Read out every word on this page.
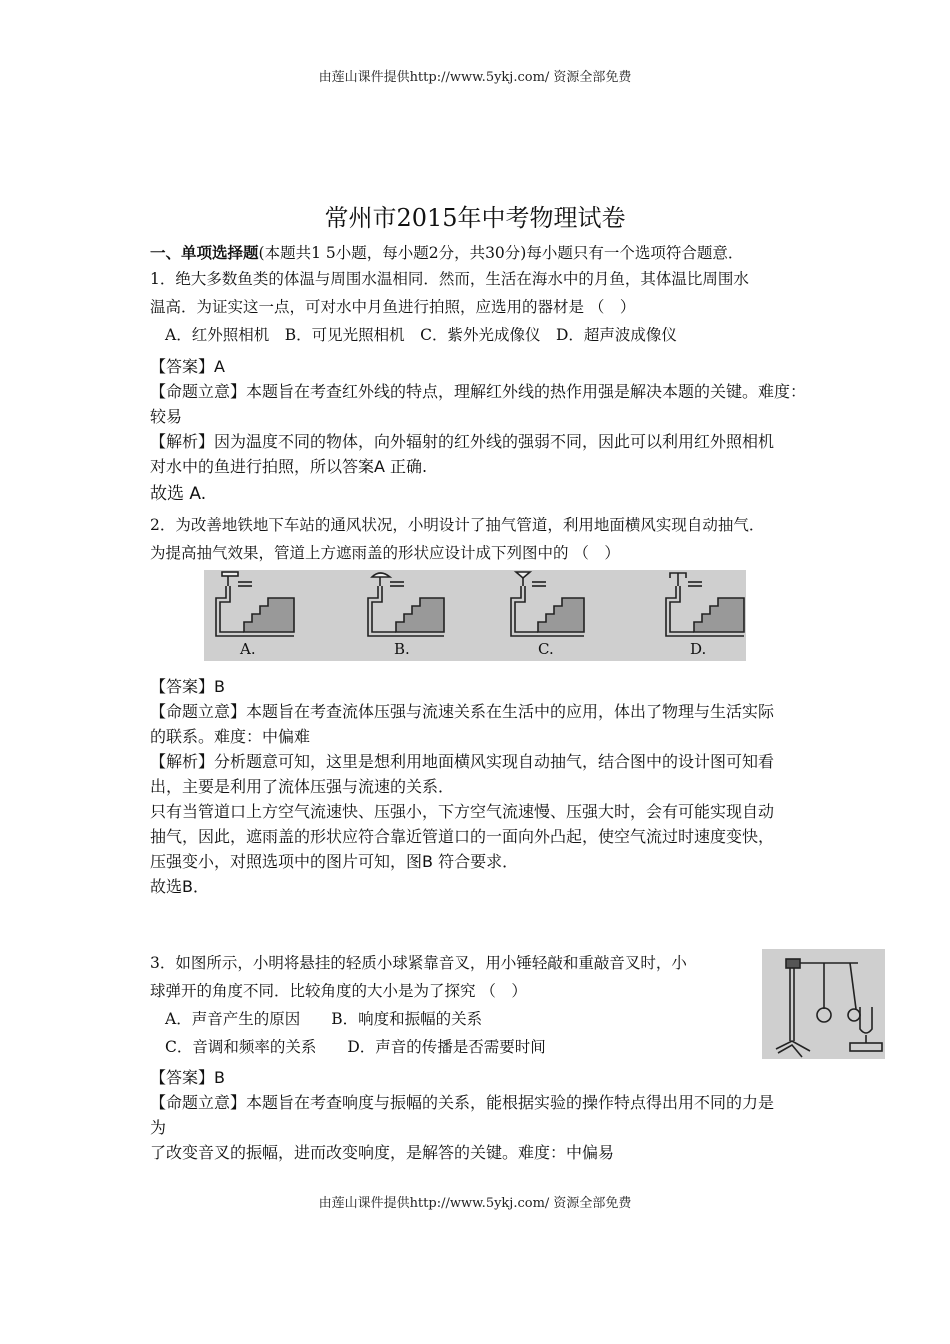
由莲山课件提供http://www.5ykj.com/ 资源全部免费
常州市2015年中考物理试卷
一、单项选择题(本题共1 5小题，每小题2分，共30分)每小题只有一个选项符合题意．
1．绝大多数鱼类的体温与周围水温相同．然而，生活在海水中的月鱼，其体温比周围水
温高．为证实这一点，可对水中月鱼进行拍照，应选用的器材是 （　）
A．红外照相机　B．可见光照相机　C．紫外光成像仪　D．超声波成像仪
【答案】A
【命题立意】本题旨在考查红外线的特点，理解红外线的热作用强是解决本题的关键。难度：
较易
【解析】因为温度不同的物体，向外辐射的红外线的强弱不同，因此可以利用红外照相机
对水中的鱼进行拍照，所以答案A 正确.
故选 A.
2．为改善地铁地下车站的通风状况，小明设计了抽气管道，利用地面横风实现自动抽气．
为提高抽气效果，管道上方遮雨盖的形状应设计成下列图中的 （　）
A.	B.	C.	D.
【答案】B
【命题立意】本题旨在考查流体压强与流速关系在生活中的应用，体出了物理与生活实际
的联系。难度：中偏难
【解析】分析题意可知，这里是想利用地面横风实现自动抽气，结合图中的设计图可知看
出，主要是利用了流体压强与流速的关系．
只有当管道口上方空气流速快、压强小，下方空气流速慢、压强大时，会有可能实现自动
抽气，因此，遮雨盖的形状应符合靠近管道口的一面向外凸起，使空气流过时速度变快，
压强变小，对照选项中的图片可知，图B 符合要求．
故选B．
3．如图所示，小明将悬挂的轻质小球紧靠音叉，用小锤轻敲和重敲音叉时，小
球弹开的角度不同．比较角度的大小是为了探究 （　）
A．声音产生的原因　　B．响度和振幅的关系
C．音调和频率的关系　　D．声音的传播是否需要时间
【答案】B
【命题立意】本题旨在考查响度与振幅的关系，能根据实验的操作特点得出用不同的力是
为
了改变音叉的振幅，进而改变响度，是解答的关键。难度：中偏易
由莲山课件提供http://www.5ykj.com/ 资源全部免费
